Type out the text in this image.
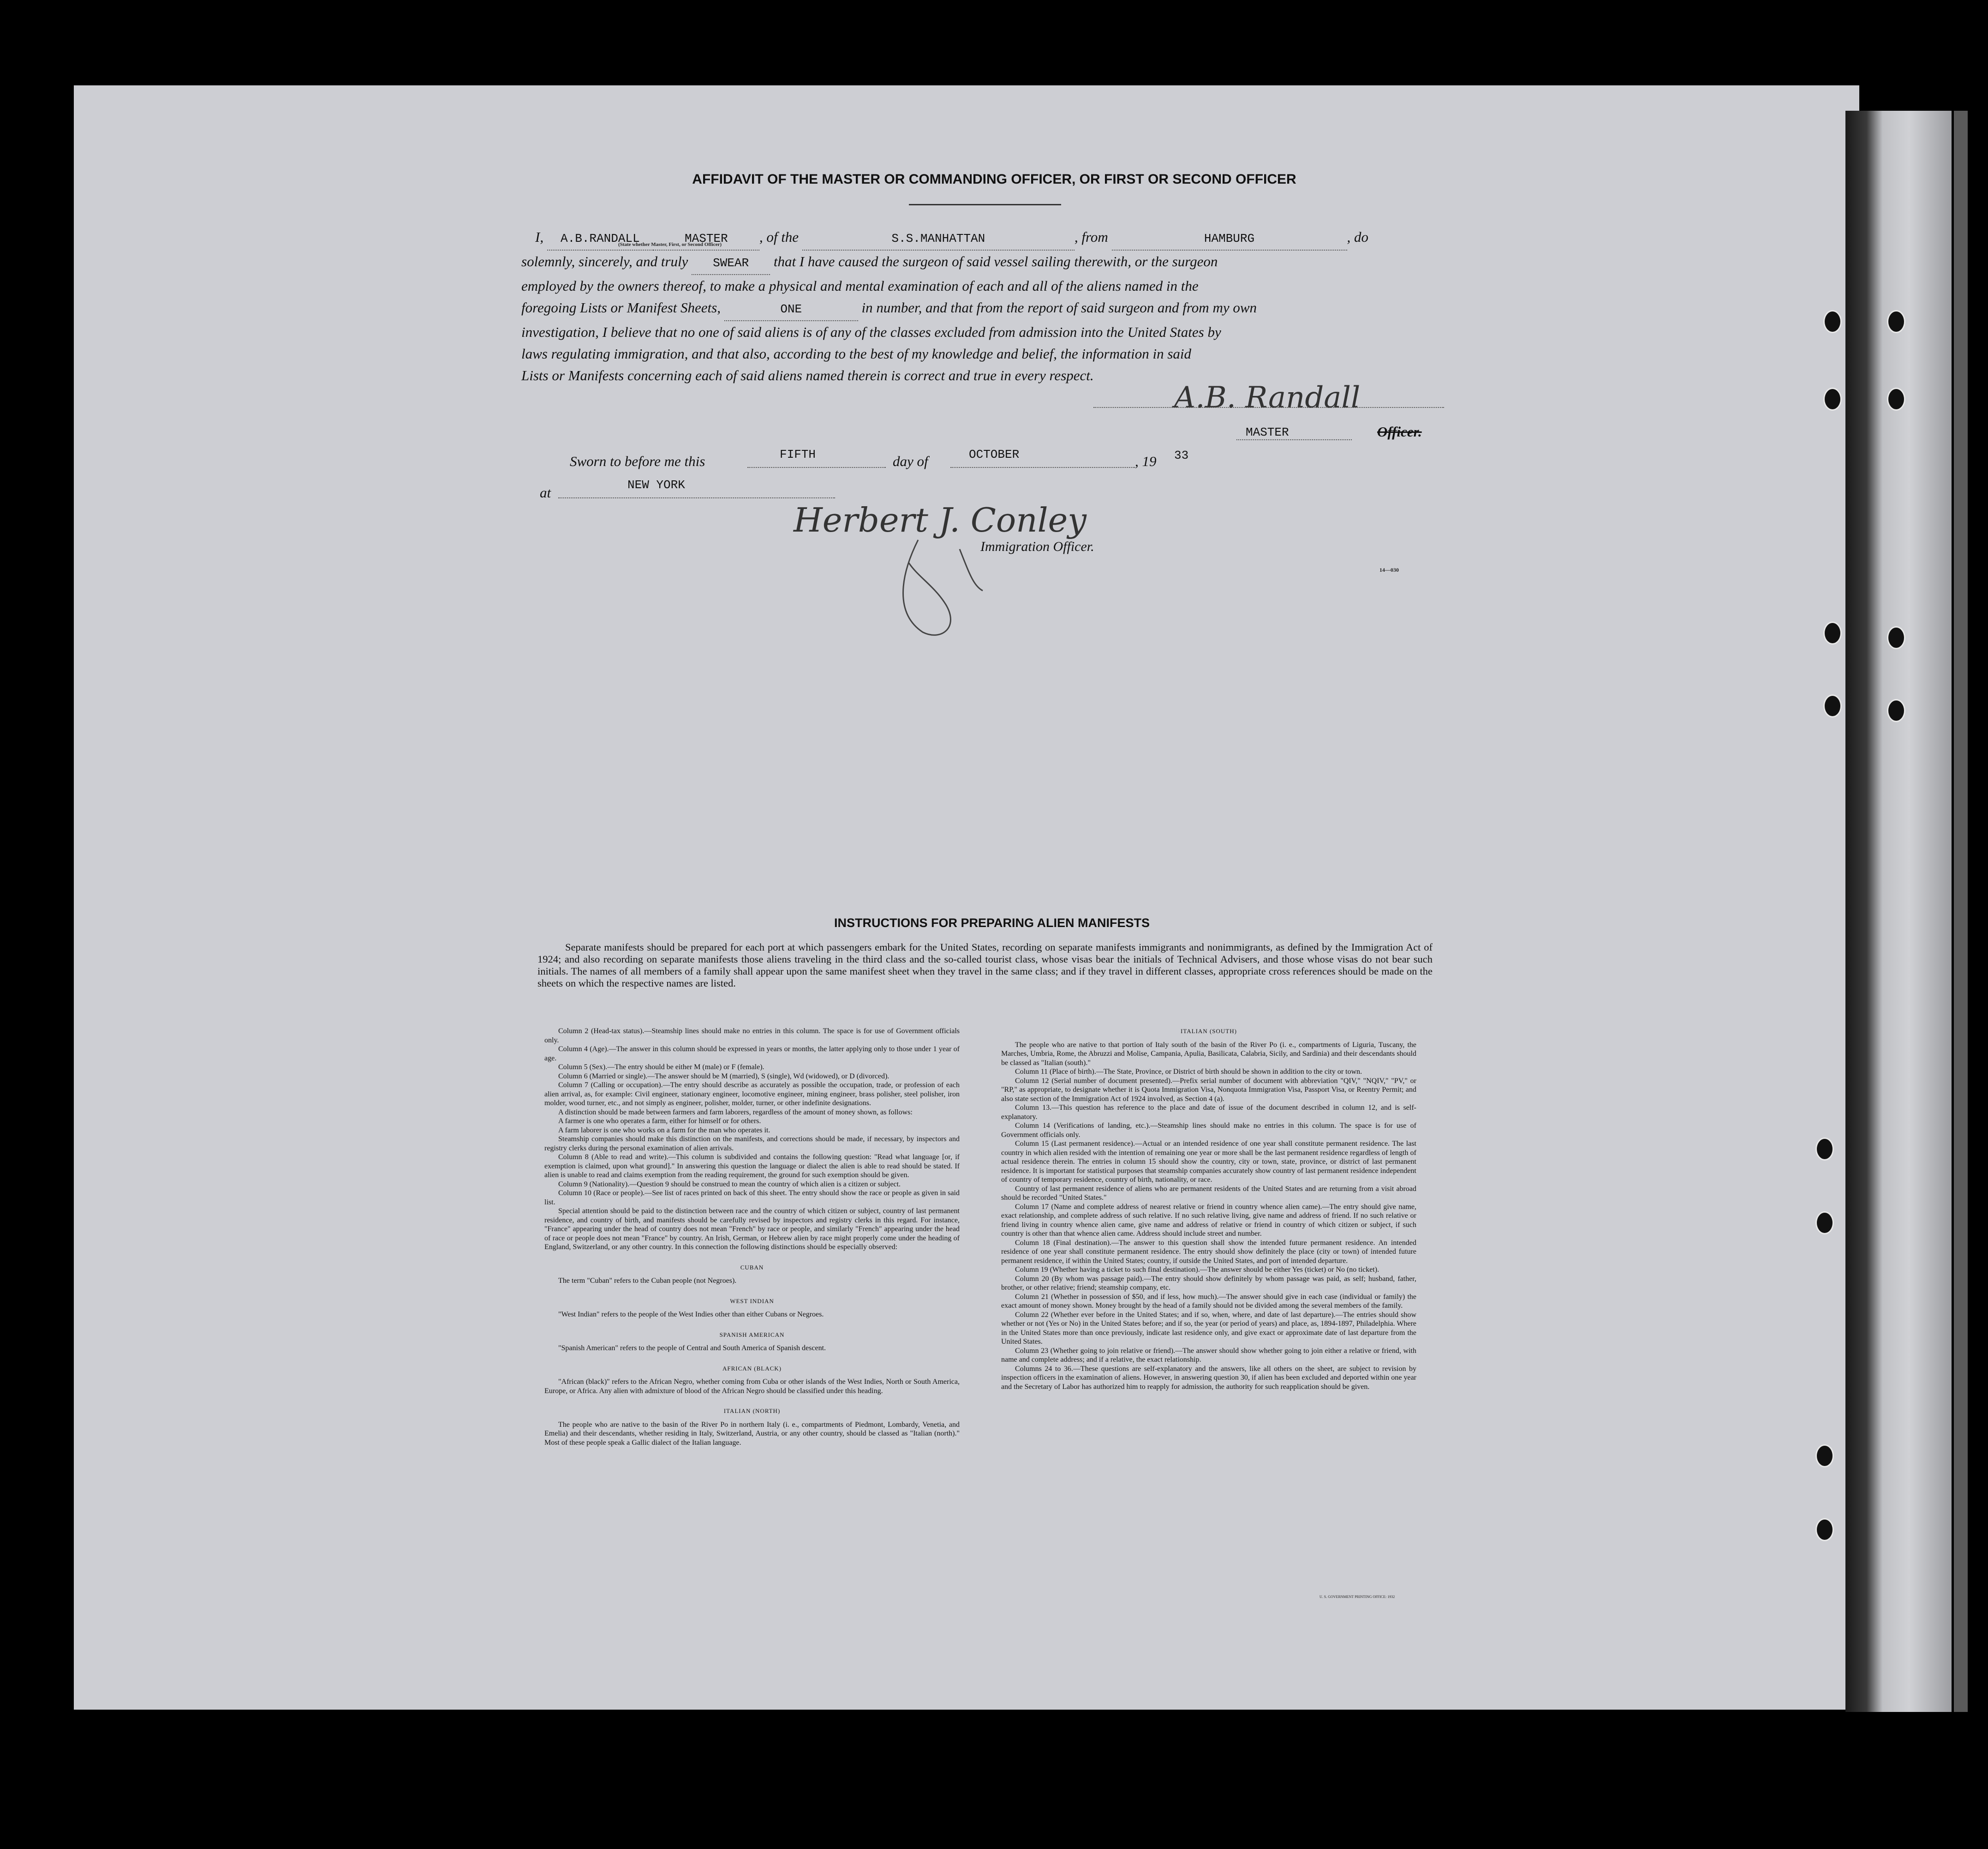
AFFIDAVIT OF THE MASTER OR COMMANDING OFFICER, OR FIRST OR SECOND OFFICER
I, A.B.RANDALL	MASTER , of the	S.S.MANHATTAN	, from	HAMBURG	, do
solemnly, sincerely, and truly SWEAR that I have caused the surgeon of said vessel sailing therewith, or the surgeon
employed by the owners thereof, to make a physical and mental examination of each and all of the aliens named in the
foregoing Lists or Manifest Sheets,	ONE	in number, and that from the report of said surgeon and from my own
investigation, I believe that no one of said aliens is of any of the classes excluded from admission into the United States by
laws regulating immigration, and that also, according to the best of my knowledge and belief, the information in said
Lists or Manifests concerning each of said aliens named therein is correct and true in every respect.
(State whether Master, First, or Second Officer)
A.B. Randall
MASTER	Officer.
Sworn to before me this	FIFTH	day of	OCTOBER	, 19 33
at	NEW YORK
Herbert J. Conley
Immigration Officer.
14—030
INSTRUCTIONS FOR PREPARING ALIEN MANIFESTS
Separate manifests should be prepared for each port at which passengers embark for the United States, recording on separate manifests immigrants and nonimmigrants, as defined by the Immigration Act of 1924; and also recording on separate manifests those aliens traveling in the third class and the so-called tourist class, whose visas bear the initials of Technical Advisers, and those whose visas do not bear such initials. The names of all members of a family shall appear upon the same manifest sheet when they travel in the same class; and if they travel in different classes, appropriate cross references should be made on the sheets on which the respective names are listed.

Column 2 (Head-tax status).—Steamship lines should make no entries in this column. The space is for use of Government officials only.

Column 4 (Age).—The answer in this column should be expressed in years or months, the latter applying only to those under 1 year of age.

Column 5 (Sex).—The entry should be either M (male) or F (female).

Column 6 (Married or single).—The answer should be M (married), S (single), Wd (widowed), or D (divorced).

Column 7 (Calling or occupation).—The entry should describe as accurately as possible the occupation, trade, or profession of each alien arrival, as, for example: Civil engineer, stationary engineer, locomotive engineer, mining engineer, brass polisher, steel polisher, iron molder, wood turner, etc., and not simply as engineer, polisher, molder, turner, or other indefinite designations.

A distinction should be made between farmers and farm laborers, regardless of the amount of money shown, as follows:

A farmer is one who operates a farm, either for himself or for others.

A farm laborer is one who works on a farm for the man who operates it.

Steamship companies should make this distinction on the manifests, and corrections should be made, if necessary, by inspectors and registry clerks during the personal examination of alien arrivals.

Column 8 (Able to read and write).—This column is subdivided and contains the following question: "Read what language [or, if exemption is claimed, upon what ground]." In answering this question the language or dialect the alien is able to read should be stated. If alien is unable to read and claims exemption from the reading requirement, the ground for such exemption should be given.

Column 9 (Nationality).—Question 9 should be construed to mean the country of which alien is a citizen or subject.

Column 10 (Race or people).—See list of races printed on back of this sheet. The entry should show the race or people as given in said list.

Special attention should be paid to the distinction between race and the country of which citizen or subject, country of last permanent residence, and country of birth, and manifests should be carefully revised by inspectors and registry clerks in this regard. For instance, "France" appearing under the head of country does not mean "French" by race or people, and similarly "French" appearing under the head of race or people does not mean "France" by country. An Irish, German, or Hebrew alien by race might properly come under the heading of England, Switzerland, or any other country. In this connection the following distinctions should be especially observed:

CUBAN

The term "Cuban" refers to the Cuban people (not Negroes).

WEST INDIAN

"West Indian" refers to the people of the West Indies other than either Cubans or Negroes.

SPANISH AMERICAN

"Spanish American" refers to the people of Central and South America of Spanish descent.

AFRICAN (BLACK)

"African (black)" refers to the African Negro, whether coming from Cuba or other islands of the West Indies, North or South America, Europe, or Africa. Any alien with admixture of blood of the African Negro should be classified under this heading.

ITALIAN (NORTH)

The people who are native to the basin of the River Po in northern Italy (i. e., compartments of Piedmont, Lombardy, Venetia, and Emelia) and their descendants, whether residing in Italy, Switzerland, Austria, or any other country, should be classed as "Italian (north)." Most of these people speak a Gallic dialect of the Italian language.

ITALIAN (SOUTH)

The people who are native to that portion of Italy south of the basin of the River Po (i. e., compartments of Liguria, Tuscany, the Marches, Umbria, Rome, the Abruzzi and Molise, Campania, Apulia, Basilicata, Calabria, Sicily, and Sardinia) and their descendants should be classed as "Italian (south)."

Column 11 (Place of birth).—The State, Province, or District of birth should be shown in addition to the city or town.

Column 12 (Serial number of document presented).—Prefix serial number of document with abbreviation "QIV," "NQIV," "PV," or "RP," as appropriate, to designate whether it is Quota Immigration Visa, Nonquota Immigration Visa, Passport Visa, or Reentry Permit; and also state section of the Immigration Act of 1924 involved, as Section 4 (a).

Column 13.—This question has reference to the place and date of issue of the document described in column 12, and is self-explanatory.

Column 14 (Verifications of landing, etc.).—Steamship lines should make no entries in this column. The space is for use of Government officials only.

Column 15 (Last permanent residence).—Actual or an intended residence of one year shall constitute permanent residence. The last country in which alien resided with the intention of remaining one year or more shall be the last permanent residence regardless of length of actual residence therein. The entries in column 15 should show the country, city or town, state, province, or district of last permanent residence. It is important for statistical purposes that steamship companies accurately show country of last permanent residence independent of country of temporary residence, country of birth, nationality, or race.

Country of last permanent residence of aliens who are permanent residents of the United States and are returning from a visit abroad should be recorded "United States."

Column 17 (Name and complete address of nearest relative or friend in country whence alien came).—The entry should give name, exact relationship, and complete address of such relative. If no such relative living, give name and address of friend. If no such relative or friend living in country whence alien came, give name and address of relative or friend in country of which citizen or subject, if such country is other than that whence alien came. Address should include street and number.

Column 18 (Final destination).—The answer to this question shall show the intended future permanent residence. An intended residence of one year shall constitute permanent residence. The entry should show definitely the place (city or town) of intended future permanent residence, if within the United States; country, if outside the United States, and port of intended departure.

Column 19 (Whether having a ticket to such final destination).—The answer should be either Yes (ticket) or No (no ticket).

Column 20 (By whom was passage paid).—The entry should show definitely by whom passage was paid, as self; husband, father, brother, or other relative; friend; steamship company, etc.

Column 21 (Whether in possession of $50, and if less, how much).—The answer should give in each case (individual or family) the exact amount of money shown. Money brought by the head of a family should not be divided among the several members of the family.

Column 22 (Whether ever before in the United States; and if so, when, where, and date of last departure).—The entries should show whether or not (Yes or No) in the United States before; and if so, the year (or period of years) and place, as, 1894-1897, Philadelphia. Where in the United States more than once previously, indicate last residence only, and give exact or approximate date of last departure from the United States.

Column 23 (Whether going to join relative or friend).—The answer should show whether going to join either a relative or friend, with name and complete address; and if a relative, the exact relationship.

Columns 24 to 36.—These questions are self-explanatory and the answers, like all others on the sheet, are subject to revision by inspection officers in the examination of aliens. However, in answering question 30, if alien has been excluded and deported within one year and the Secretary of Labor has authorized him to reapply for admission, the authority for such reapplication should be given.

U. S. GOVERNMENT PRINTING OFFICE: 1932
